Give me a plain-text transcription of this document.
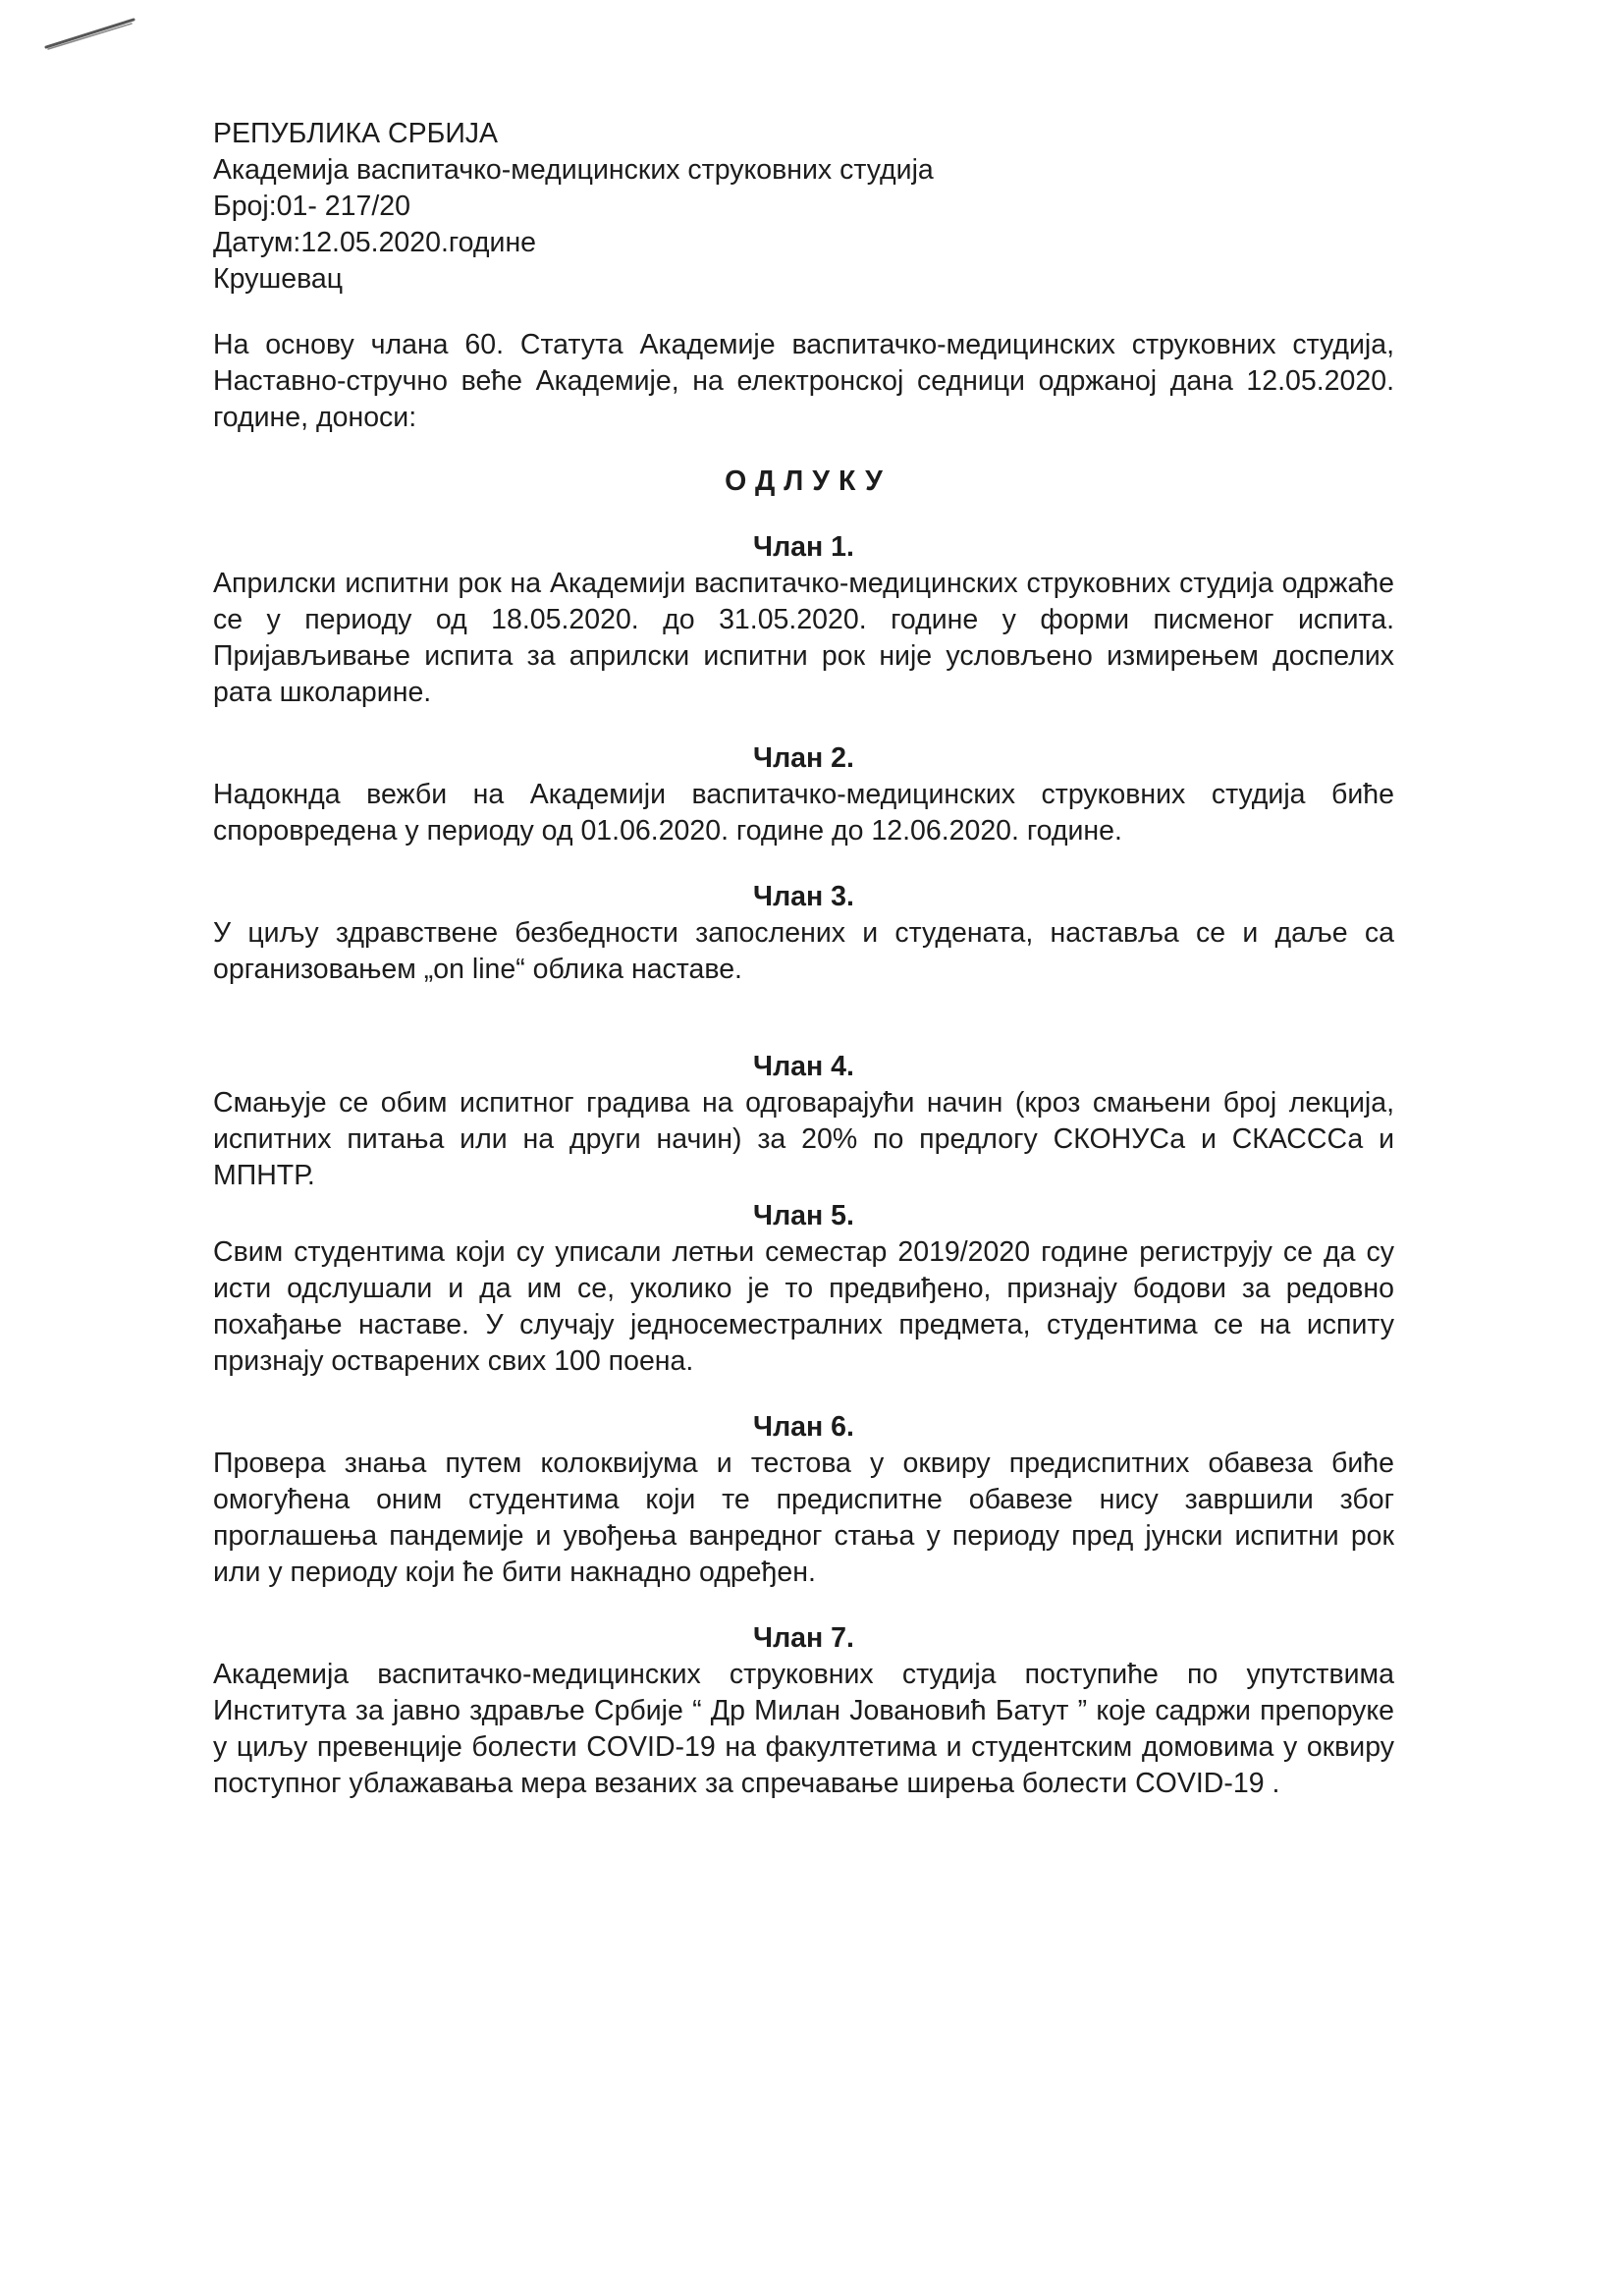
РЕПУБЛИКА СРБИЈА
Академија васпитачко-медицинских струковних студија
Број:01- 217/20
Датум:12.05.2020.године
Крушевац
На основу члана 60. Статута Академије васпитачко-медицинских струковних студија, Наставно-стручно веће Академије, на електронској седници одржаној дана 12.05.2020. године, доноси:
ОДЛУКУ
Члан 1.
Априлски испитни рок на Академији васпитачко-медицинских струковних студија одржаће се у периоду од 18.05.2020. до 31.05.2020. године у форми писменог испита. Пријављивање испита за априлски испитни рок није условљено измирењем доспелих рата школарине.
Члан 2.
Надокнда вежби на Академији васпитачко-медицинских струковних студија биће споровредена у периоду од 01.06.2020. године до 12.06.2020. године.
Члан 3.
У циљу здравствене безбедности запослених и студената, наставља се и даље са организовањем „on line“ облика наставе.
Члан 4.
Смањује се обим испитног градива на одговарајући начин (кроз смањени број лекција, испитних питања или на други начин) за 20% по предлогу СКОНУСа и СКАСССа и МПНТР.
Члан 5.
Свим студентима који су уписали летњи семестар 2019/2020 године региструју се да су исти одслушали и да им се, уколико је то предвиђено, признају бодови за редовно похађање наставе. У случају једносеместралних предмета, студентима се на испиту признају остварених свих 100 поена.
Члан 6.
Провера знања путем колоквијума и тестова у оквиру предиспитних обавеза биће омогућена оним студентима који те предиспитне обавезе нису завршили због проглашења пандемије и увођења ванредног стања у периоду пред јунски испитни рок или у периоду који ће бити накнадно одређен.
Члан 7.
Академија васпитачко-медицинских струковних студија поступиће по упутствима Института за јавно здравље Србије “ Др Милан Јовановић Батут ” које садржи препоруке у циљу превенције болести COVID-19 на факултетима и студентским домовима у оквиру поступног ублажавања мера везаних за спречавање ширења болести COVID-19 .
